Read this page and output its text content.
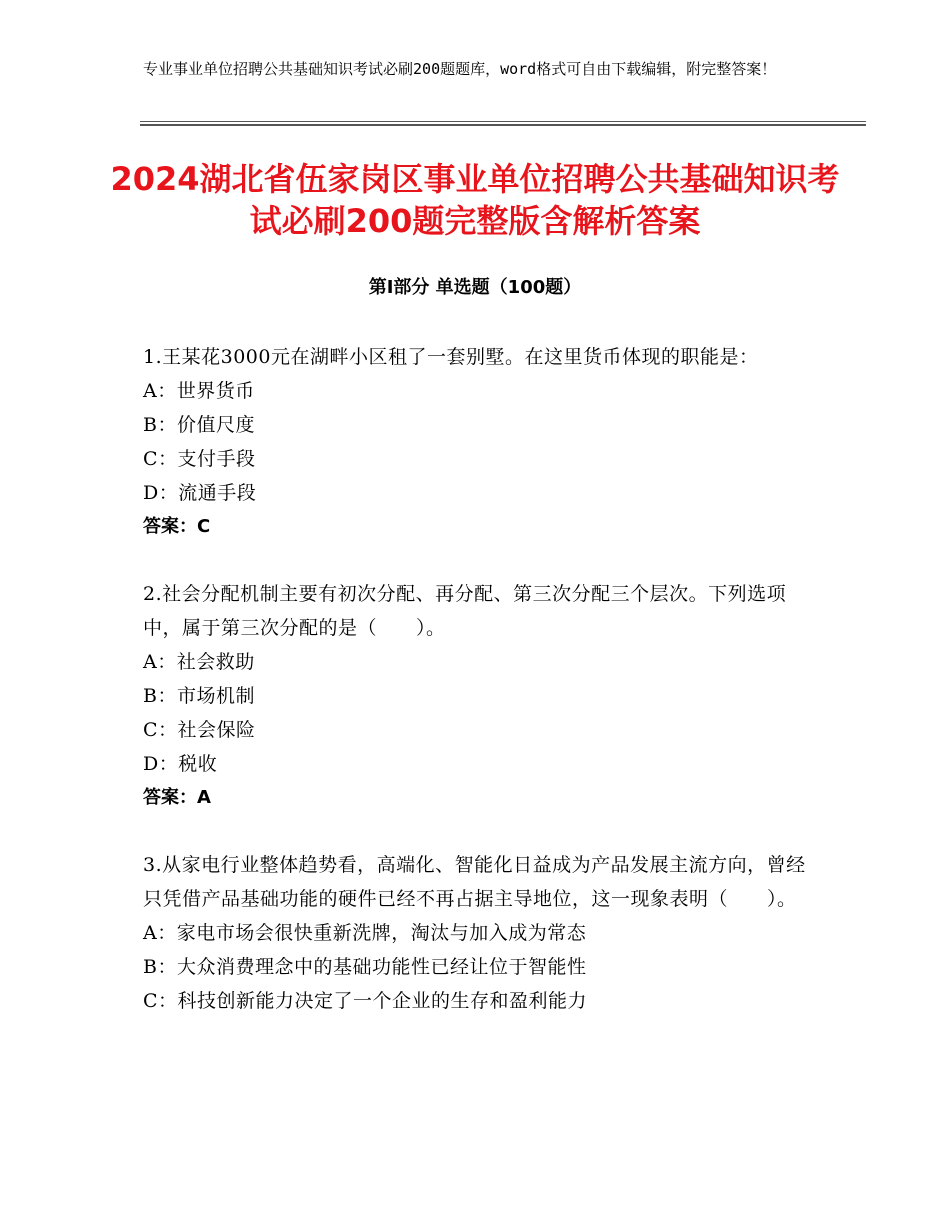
专业事业单位招聘公共基础知识考试必刷200题题库，word格式可自由下载编辑，附完整答案！
2024湖北省伍家岗区事业单位招聘公共基础知识考试必刷200题完整版含解析答案
第Ⅰ部分 单选题（100题）
1.王某花3000元在湖畔小区租了一套别墅。在这里货币体现的职能是：
A：世界货币
B：价值尺度
C：支付手段
D：流通手段
答案：C
2.社会分配机制主要有初次分配、再分配、第三次分配三个层次。下列选项中，属于第三次分配的是（　　）。
A：社会救助
B：市场机制
C：社会保险
D：税收
答案：A
3.从家电行业整体趋势看，高端化、智能化日益成为产品发展主流方向，曾经只凭借产品基础功能的硬件已经不再占据主导地位，这一现象表明（　　）。
A：家电市场会很快重新洗牌，淘汰与加入成为常态
B：大众消费理念中的基础功能性已经让位于智能性
C：科技创新能力决定了一个企业的生存和盈利能力
